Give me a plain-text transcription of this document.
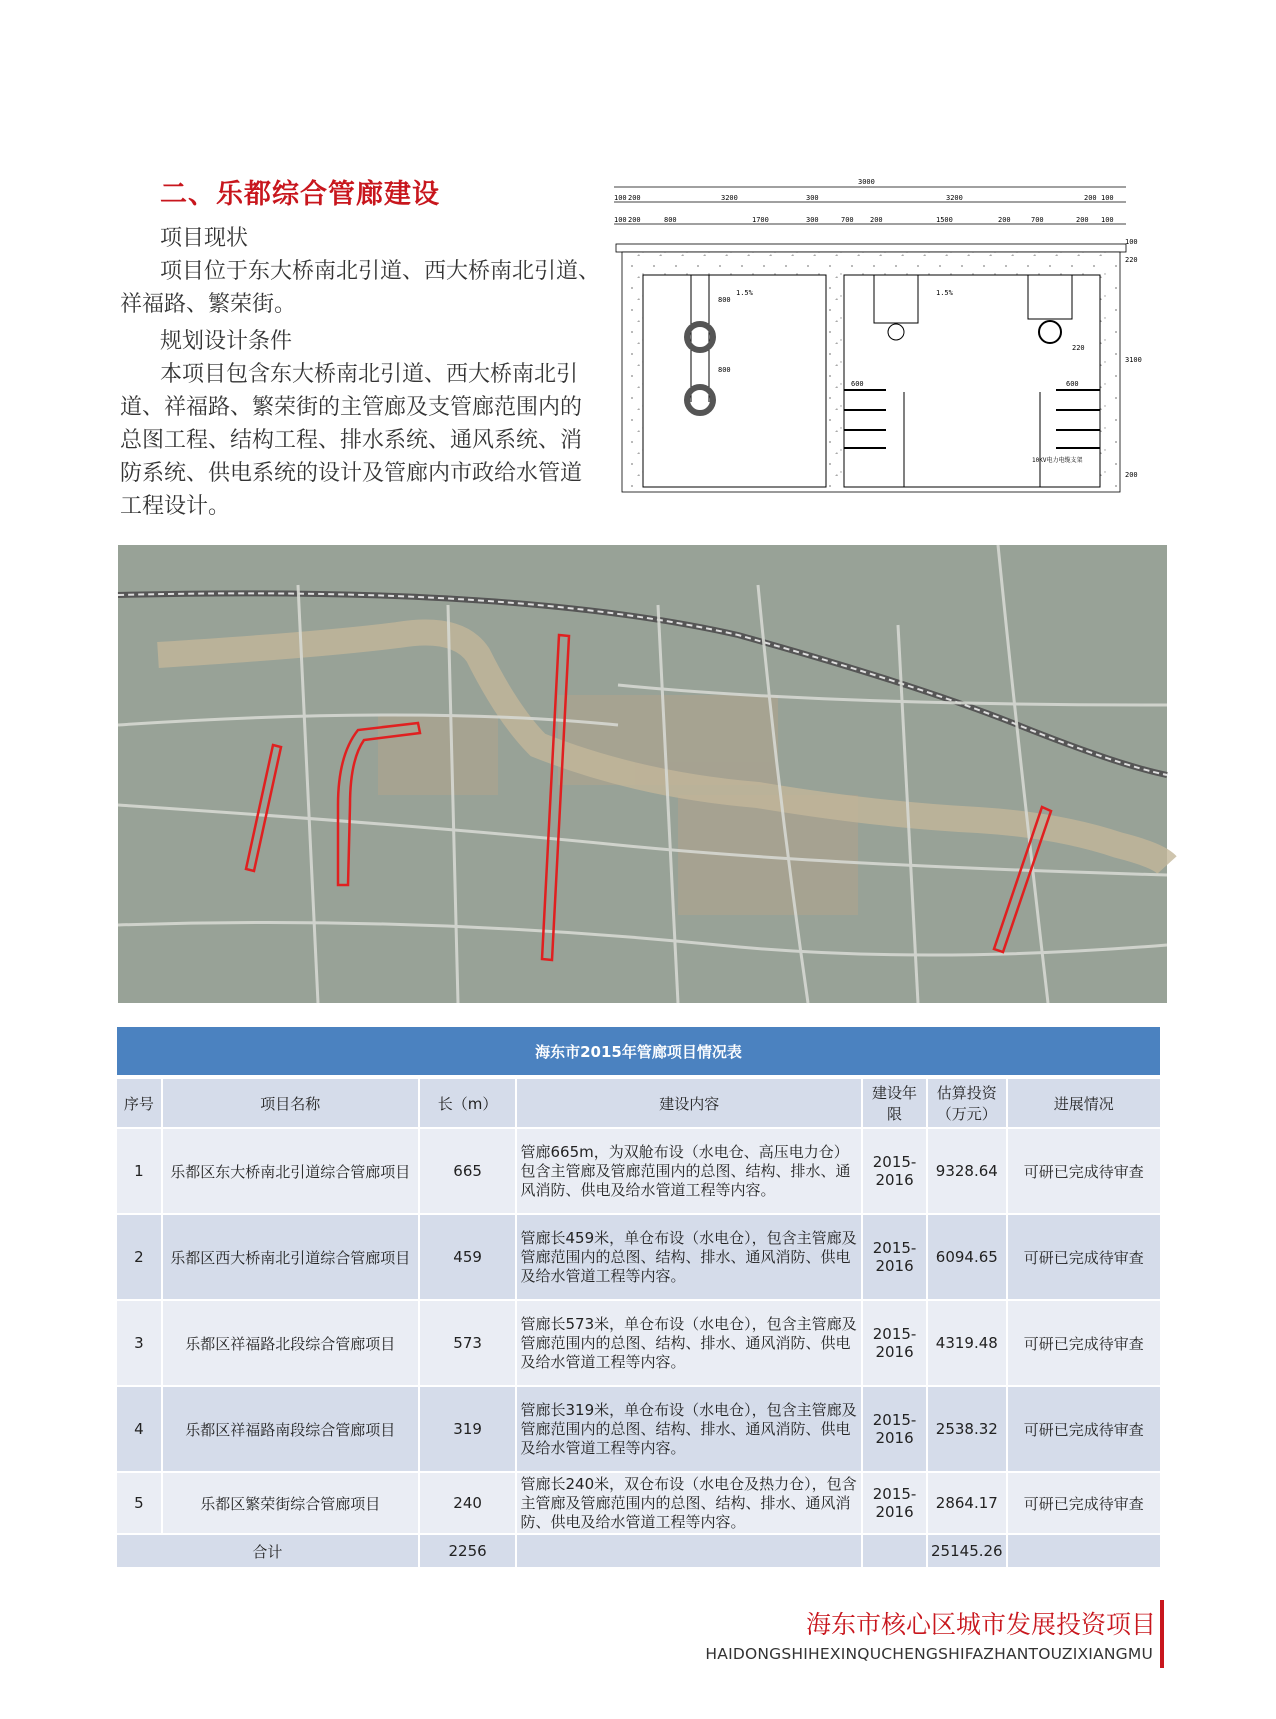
二、乐都综合管廊建设

项目现状

项目位于东大桥南北引道、西大桥南北引道、祥福路、繁荣街。

规划设计条件

本项目包含东大桥南北引道、西大桥南北引道、祥福路、繁荣街的主管廊及支管廊范围内的总图工程、结构工程、排水系统、通风系统、消防系统、供电系统的设计及管廊内市政给水管道工程设计。

3000
100 200	3200	300	3200	200 100
100 200	800	1700	300	700 200	1500	200	700	200 100
100
220
3100
200
800
800
600	600
220
1.5%	1.5%
10KV电力电缆支架
海东市2015年管廊项目情况表						
序号	项目名称	长（m）	建设内容	建设年限	估算投资（万元）	进展情况
1	乐都区东大桥南北引道综合管廊项目	665	管廊665m，为双舱布设（水电仓、高压电力仓）包含主管廊及管廊范围内的总图、结构、排水、通风消防、供电及给水管道工程等内容。	2015-2016	9328.64	可研已完成待审查
2	乐都区西大桥南北引道综合管廊项目	459	管廊长459米，单仓布设（水电仓），包含主管廊及管廊范围内的总图、结构、排水、通风消防、供电及给水管道工程等内容。	2015-2016	6094.65	可研已完成待审查
3	乐都区祥福路北段综合管廊项目	573	管廊长573米，单仓布设（水电仓），包含主管廊及管廊范围内的总图、结构、排水、通风消防、供电及给水管道工程等内容。	2015-2016	4319.48	可研已完成待审查
4	乐都区祥福路南段综合管廊项目	319	管廊长319米，单仓布设（水电仓），包含主管廊及管廊范围内的总图、结构、排水、通风消防、供电及给水管道工程等内容。	2015-2016	2538.32	可研已完成待审查
5	乐都区繁荣街综合管廊项目	240	管廊长240米，双仓布设（水电仓及热力仓），包含主管廊及管廊范围内的总图、结构、排水、通风消防、供电及给水管道工程等内容。	2015-2016	2864.17	可研已完成待审查
合计		2256			25145.26	
海东市核心区城市发展投资项目
HAIDONGSHIHEXINQUCHENGSHIFAZHANTOUZIXIANGMU
